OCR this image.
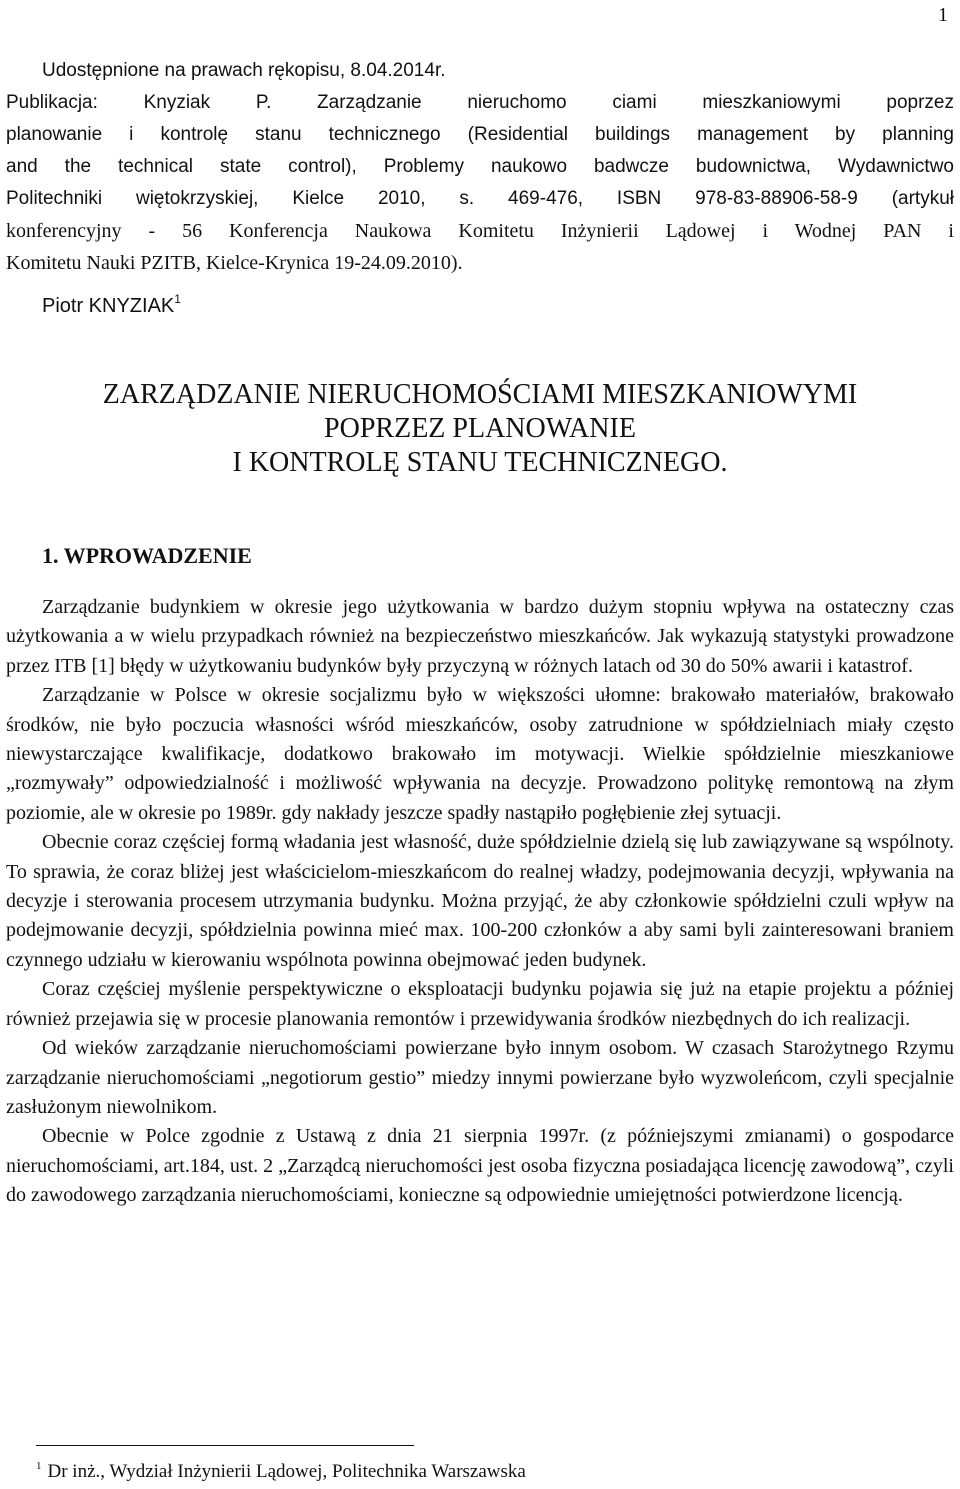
1
Udostępnione na prawach rękopisu, 8.04.2014r.
Publikacja: Knyziak P. Zarządzanie nieruchomo ciami mieszkaniowymi poprzez
planowanie i kontrolę stanu technicznego (Residential buildings management by planning
and the technical state control), Problemy naukowo badwcze budownictwa, Wydawnictwo
Politechniki więtokrzyskiej, Kielce 2010, s. 469-476, ISBN 978-83-88906-58-9 (artykuł
konferencyjny - 56 Konferencja Naukowa Komitetu Inżynierii Lądowej i Wodnej PAN i
Komitetu Nauki PZITB, Kielce-Krynica 19-24.09.2010).
Piotr KNYZIAK$^1$
ZARZĄDZANIE NIERUCHOMOŚCIAMI MIESZKANIOWYMI
POPRZEZ PLANOWANIE
I KONTROLĘ STANU TECHNICZNEGO.
1. WPROWADZENIE

Zarządzanie budynkiem w okresie jego użytkowania w bardzo dużym stopniu wpływa na ostateczny czas użytkowania a w wielu przypadkach również na bezpieczeństwo mieszkańców. Jak wykazują statystyki prowadzone przez ITB [1] błędy w użytkowaniu budynków były przyczyną w różnych latach od 30 do 50% awarii i katastrof.

Zarządzanie w Polsce w okresie socjalizmu było w większości ułomne: brakowało materiałów, brakowało środków, nie było poczucia własności wśród mieszkańców, osoby zatrudnione w spółdzielniach miały często niewystarczające kwalifikacje, dodatkowo brakowało im motywacji. Wielkie spółdzielnie mieszkaniowe „rozmywały” odpowiedzialność i możliwość wpływania na decyzje. Prowadzono politykę remontową na złym poziomie, ale w okresie po 1989r. gdy nakłady jeszcze spadły nastąpiło pogłębienie złej sytuacji.

Obecnie coraz częściej formą władania jest własność, duże spółdzielnie dzielą się lub zawiązywane są wspólnoty. To sprawia, że coraz bliżej jest właścicielom-mieszkańcom do realnej władzy, podejmowania decyzji, wpływania na decyzje i sterowania procesem utrzymania budynku. Można przyjąć, że aby członkowie spółdzielni czuli wpływ na podejmowanie decyzji, spółdzielnia powinna mieć max. 100-200 członków a aby sami byli zainteresowani braniem czynnego udziału w kierowaniu wspólnota powinna obejmować jeden budynek.

Coraz częściej myślenie perspektywiczne o eksploatacji budynku pojawia się już na etapie projektu a później również przejawia się w procesie planowania remontów i przewidywania środków niezbędnych do ich realizacji.

Od wieków zarządzanie nieruchomościami powierzane było innym osobom. W czasach Starożytnego Rzymu zarządzanie nieruchomościami „negotiorum gestio” miedzy innymi powierzane było wyzwoleńcom, czyli specjalnie zasłużonym niewolnikom.

Obecnie w Polce zgodnie z Ustawą z dnia 21 sierpnia 1997r. (z późniejszymi zmianami) o gospodarce nieruchomościami, art.184, ust. 2 „Zarządcą nieruchomości jest osoba fizyczna posiadająca licencję zawodową”, czyli do zawodowego zarządzania nieruchomościami, konieczne są odpowiednie umiejętności potwierdzone licencją.

$^1$ Dr inż., Wydział Inżynierii Lądowej, Politechnika Warszawska
